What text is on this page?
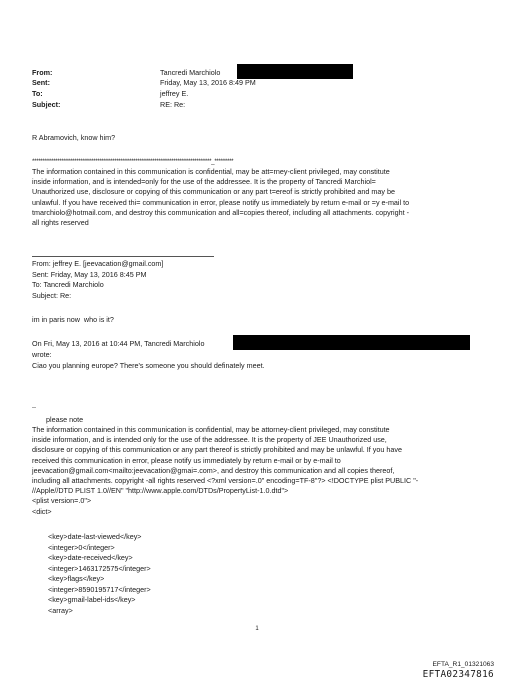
From:	Tancredi Marchiolo
Sent:	Friday, May 13, 2016 8:49 PM
To:	jeffrey E.
Subject:	RE: Re:
R Abramovich, know him?
*************************************************************************************_*********
The information contained in this communication is confidential, may be att=rney-client privileged, may constitute
inside information, and is intended=only for the use of the addressee. It is the property of Tancredi Marchiol=
Unauthorized use, disclosure or copying of this communication or any part t=ereof is strictly prohibited and may be
unlawful. If you have received thi= communication in error, please notify us immediately by return e-mail or =y e-mail to
tmarchiolo@hotmail.com, and destroy this communication and all=copies thereof, including all attachments. copyright -
all rights reserved
From: jeffrey E. [jeevacation@gmail.com]
Sent: Friday, May 13, 2016 8:45 PM
To: Tancredi Marchiolo
Subject: Re:
im in paris now  who is it?
On Fri, May 13, 2016 at 10:44 PM, Tancredi Marchiolo
wrote:
Ciao you planning europe? There's someone you should definately meet.
--
please note
The information contained in this communication is confidential, may be attorney-client privileged, may constitute
inside information, and is intended only for the use of the addressee. It is the property of JEE Unauthorized use,
disclosure or copying of this communication or any part thereof is strictly prohibited and may be unlawful. If you have
received this communication in error, please notify us immediately by return e-mail or by e-mail to
jeevacation@gmail.com<mailto:jeevacation@gmai=.com>, and destroy this communication and all copies thereof,
including all attachments. copyright -all rights reserved <?xml version=.0" encoding=TF-8"?> <!DOCTYPE plist PUBLIC "-
//Apple//DTD PLIST 1.0//EN" "http://www.apple.com/DTDs/PropertyList-1.0.dtd">
<plist version=.0">
<dict>
<key>date-last-viewed</key>
<integer>0</integer>
<key>date-received</key>
<integer>1463172575</integer>
<key>flags</key>
<integer>8590195717</integer>
<key>gmail-label-ids</key>
<array>
1
EFTA_R1_01321063
EFTA02347816
